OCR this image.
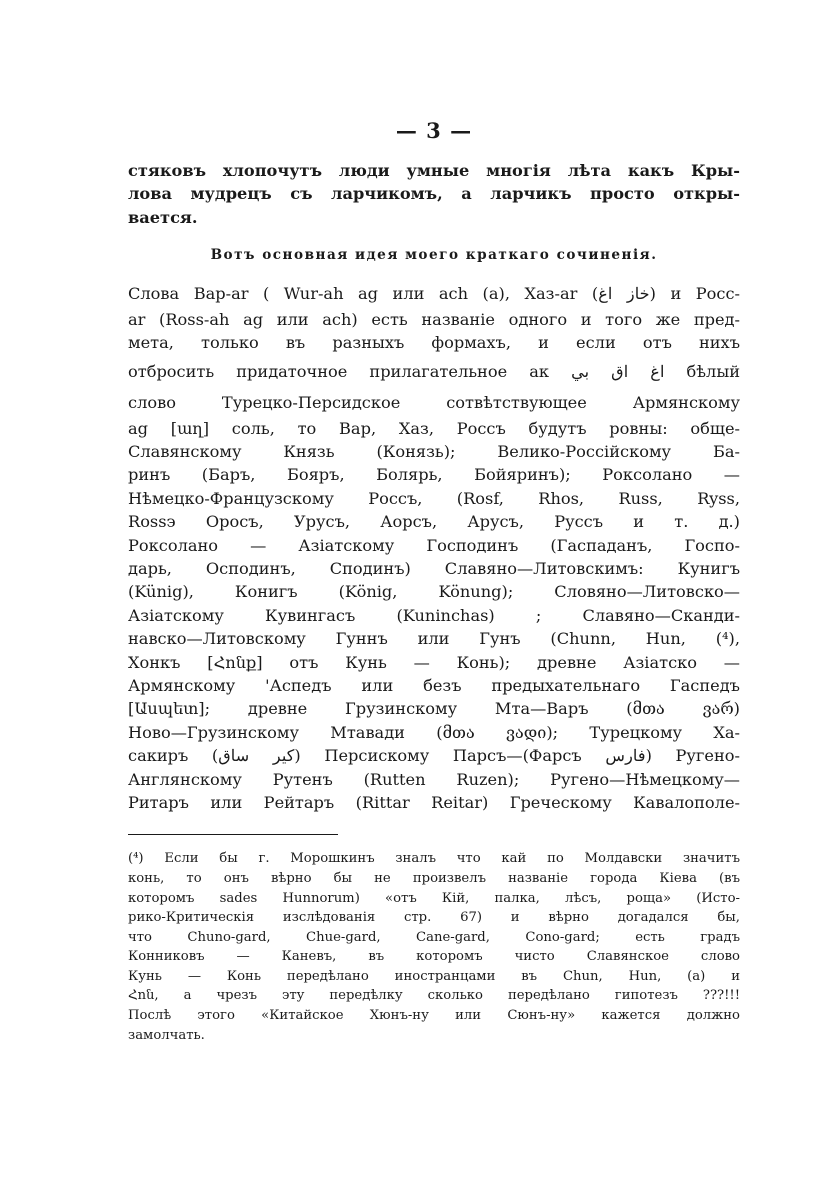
— 3 —

стяковъ хлопочутъ люди умные многія лѣта какъ Кры-
лова мудрецъ съ ларчикомъ, а ларчикъ просто откры-
вается.

Вотъ основная идея моего краткаго сочиненія.

Слова Вар-ar ( Wur-ah ag или ach (a), Хаз-ar (خاز اغ) и Росс-
ar (Ross-ah ag или ach) есть названіе одного и того же пред-
мета, только въ разныхъ формахъ, и если отъ нихъ
отбросить придаточное прилагательное ак اغ اق بي бѣлый
слово Турецко-Персидское сотвѣтствующее Армянскому
ag [աղ] соль, то Вар, Хаз, Россъ будутъ ровны: обще-
Славянскому Князь (Конязь); Велико-Россійскому Ба-
ринъ (Баръ, Бояръ, Болярь, Бойяринъ); Роксолано —
Нѣмецко-Французскому Россъ, (Rosf, Rhos, Russ, Ryss,
Rossэ Оросъ, Урусъ, Аорсъ, Арусъ, Руссъ и т. д.)
Роксолано — Азіатскому Господинъ (Гаспаданъ, Госпо-
дарь, Осподинъ, Сподинъ) Славяно—Литовскимъ: Кунигъ
(Künig), Конигъ (König, Könung); Словяно—Литовско—
Азіатскому Кувингасъ (Kuninchas) ; Славяно—Сканди-
навско—Литовскому Гуннъ или Гунъ (Chunn, Hun, (⁴),
Хонкъ [Հոնք] отъ Кунь — Конь); древне Азіатско —
Армянскому 'Аспедъ или безъ предыхательнаго Гаспедъ
[Ասպետ]; древне Грузинскому Мта—Варъ (მთა ვარ)
Ново—Грузинскому Мтавади (მთა ვადი); Турецкому Ха-
сакиръ (کیر ساق) Персискому Парсъ—(Фарсъ فارس) Ругено-
Англянскому Рутенъ (Rutten Ruzen); Ругено—Нѣмецкому—
Ритаръ или Рейтаръ (Rittar Reitar) Греческому Кавалополе-

(⁴) Если бы г. Морошкинъ зналъ что кай по Молдавски значитъ
конь, то онъ вѣрно бы не произвелъ названіе города Кіева (въ
которомъ sades Hunnorum) «отъ Кій, палка, лѣсъ, роща» (Исто-
рико-Критическія изслѣдованія стр. 67) и вѣрно догадался бы,
что Chuno-gard, Chue-gard, Cane-gard, Cono-gard; есть градъ
Конниковъ — Каневъ, въ которомъ чисто Славянское слово
Кунь — Конь передѣлано иностранцами въ Chun, Hun, (a) и
Հոն, а чрезъ эту передѣлку сколько передѣлано гипотезъ ???!!!
Послѣ этого «Китайское Хюнъ-ну или Сюнъ-ну» кажется должно
замолчать.
